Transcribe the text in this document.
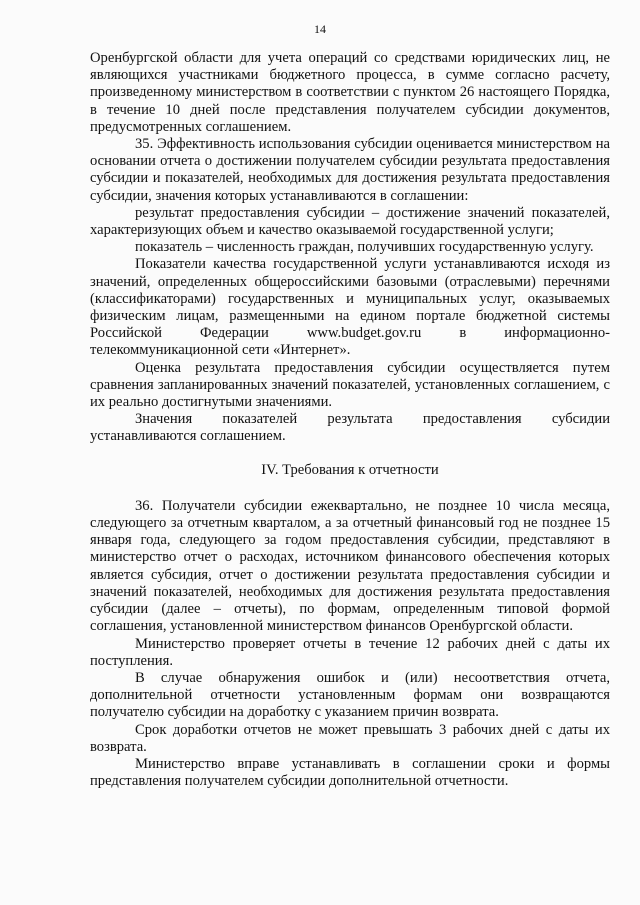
14

Оренбургской области для учета операций со средствами юридических лиц, не являющихся участниками бюджетного процесса, в сумме согласно расчету, произведенному министерством в соответствии с пунктом 26 настоящего Порядка, в течение 10 дней после представления получателем субсидии документов, предусмотренных соглашением.

35. Эффективность использования субсидии оценивается министерством на основании отчета о достижении получателем субсидии результата предоставления субсидии и показателей, необходимых для достижения результата предоставления субсидии, значения которых устанавливаются в соглашении:

результат предоставления субсидии – достижение значений показателей, характеризующих объем и качество оказываемой государственной услуги;

показатель – численность граждан, получивших государственную услугу.

Показатели качества государственной услуги устанавливаются исходя из значений, определенных общероссийскими базовыми (отраслевыми) перечнями (классификаторами) государственных и муниципальных услуг, оказываемых физическим лицам, размещенными на едином портале бюджетной системы Российской Федерации www.budget.gov.ru в информационно-телекоммуникационной сети «Интернет».

Оценка результата предоставления субсидии осуществляется путем сравнения запланированных значений показателей, установленных соглашением, с их реально достигнутыми значениями.

Значения показателей результата предоставления субсидии устанавливаются соглашением.

IV. Требования к отчетности

36. Получатели субсидии ежеквартально, не позднее 10 числа месяца, следующего за отчетным кварталом, а за отчетный финансовый год не позднее 15 января года, следующего за годом предоставления субсидии, представляют в министерство отчет о расходах, источником финансового обеспечения которых является субсидия, отчет о достижении результата предоставления субсидии и значений показателей, необходимых для достижения результата предоставления субсидии (далее – отчеты), по формам, определенным типовой формой соглашения, установленной министерством финансов Оренбургской области.

Министерство проверяет отчеты в течение 12 рабочих дней с даты их поступления.

В случае обнаружения ошибок и (или) несоответствия отчета, дополнительной отчетности установленным формам они возвращаются получателю субсидии на доработку с указанием причин возврата.

Срок доработки отчетов не может превышать 3 рабочих дней с даты их возврата.

Министерство вправе устанавливать в соглашении сроки и формы представления получателем субсидии дополнительной отчетности.
